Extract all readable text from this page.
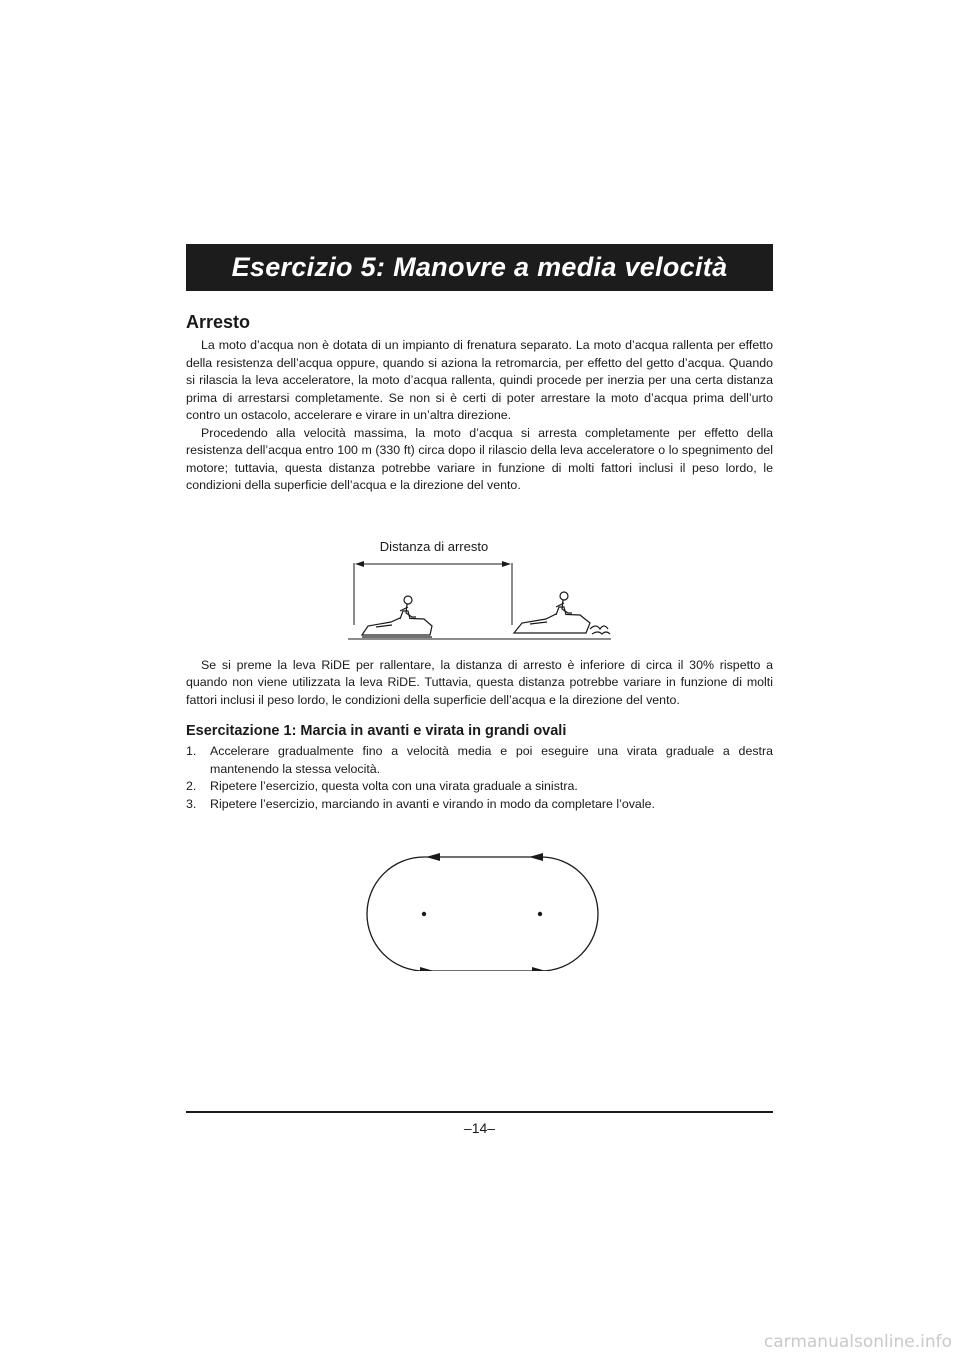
Esercizio 5: Manovre a media velocità
Arresto

La moto d’acqua non è dotata di un impianto di frenatura separato. La moto d’acqua rallenta per effetto della resistenza dell’acqua oppure, quando si aziona la retromarcia, per effetto del getto d’acqua. Quando si rilascia la leva acceleratore, la moto d’acqua rallenta, quindi procede per inerzia per una certa distanza prima di arrestarsi completamente. Se non si è certi di poter arrestare la moto d’acqua prima dell’urto contro un ostacolo, accelerare e virare in un’altra direzione.

Procedendo alla velocità massima, la moto d’acqua si arresta completamente per effetto della resistenza dell’acqua entro 100 m (330 ft) circa dopo il rilascio della leva acceleratore o lo spegnimento del motore; tuttavia, questa distanza potrebbe variare in funzione di molti fattori inclusi il peso lordo, le condizioni della superficie dell’acqua e la direzione del vento.

Distanza di arresto

Se si preme la leva RiDE per rallentare, la distanza di arresto è inferiore di circa il 30% rispetto a quando non viene utilizzata la leva RiDE. Tuttavia, questa distanza potrebbe variare in funzione di molti fattori inclusi il peso lordo, le condizioni della superficie dell’acqua e la direzione del vento.

Esercitazione 1: Marcia in avanti e virata in grandi ovali
1.	Accelerare gradualmente fino a velocità media e poi eseguire una virata graduale a destra mantenendo la stessa velocità.
2.	Ripetere l’esercizio, questa volta con una virata graduale a sinistra.
3.	Ripetere l’esercizio, marciando in avanti e virando in modo da completare l’ovale.
–14–
carmanualsonline.info
